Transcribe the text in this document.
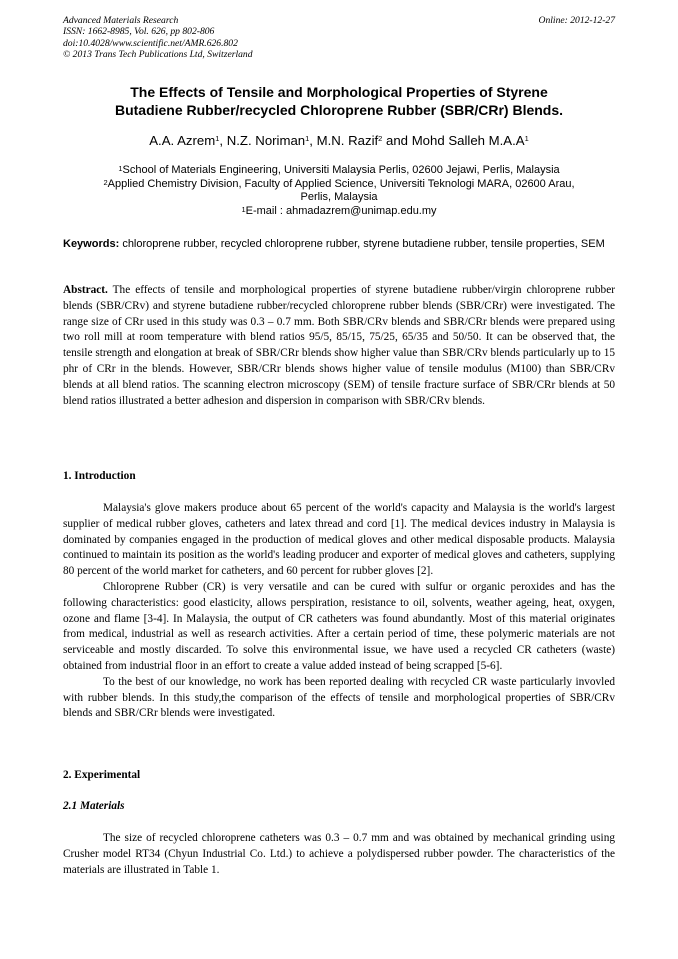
Advanced Materials Research
ISSN: 1662-8985, Vol. 626, pp 802-806
doi:10.4028/www.scientific.net/AMR.626.802
© 2013 Trans Tech Publications Ltd, Switzerland
Online: 2012-12-27
The Effects of Tensile and Morphological Properties of Styrene
Butadiene Rubber/recycled Chloroprene Rubber (SBR/CRr) Blends.
A.A. Azrem$^1$, N.Z. Noriman$^1$, M.N. Razif$^2$ and Mohd Salleh $M.A.A^1$
$^1$School of Materials Engineering, Universiti Malaysia Perlis, 02600 Jejawi, Perlis, Malaysia
$^2$Applied Chemistry Division, Faculty of Applied Science, Universiti Teknologi MARA, 02600 Arau,
Perlis, Malaysia
$^1$E-mail : ahmadazrem@unimap.edu.my
Keywords: chloroprene rubber, recycled chloroprene rubber, styrene butadiene rubber, tensile properties, SEM
Abstract. The effects of tensile and morphological properties of styrene butadiene rubber/virgin chloroprene rubber blends (SBR/CRv) and styrene butadiene rubber/recycled chloroprene rubber blends (SBR/CRr) were investigated. The range size of CRr used in this study was 0.3 – 0.7 mm. Both SBR/CRv blends and SBR/CRr blends were prepared using two roll mill at room temperature with blend ratios 95/5, 85/15, 75/25, 65/35 and 50/50. It can be observed that, the tensile strength and elongation at break of SBR/CRr blends show higher value than SBR/CRv blends particularly up to 15 phr of CRr in the blends. However, SBR/CRr blends shows higher value of tensile modulus (M100) than SBR/CRv blends at all blend ratios. The scanning electron microscopy (SEM) of tensile fracture surface of SBR/CRr blends at 50 blend ratios illustrated a better adhesion and dispersion in comparison with SBR/CRv blends.
1. Introduction

Malaysia's glove makers produce about 65 percent of the world's capacity and Malaysia is the world's largest supplier of medical rubber gloves, catheters and latex thread and cord [1]. The medical devices industry in Malaysia is dominated by companies engaged in the production of medical gloves and other medical disposable products. Malaysia continued to maintain its position as the world's leading producer and exporter of medical gloves and catheters, supplying 80 percent of the world market for catheters, and 60 percent for rubber gloves [2].

Chloroprene Rubber (CR) is very versatile and can be cured with sulfur or organic peroxides and has the following characteristics: good elasticity, allows perspiration, resistance to oil, solvents, weather ageing, heat, oxygen, ozone and flame [3-4]. In Malaysia, the output of CR catheters was found abundantly. Most of this material originates from medical, industrial as well as research activities. After a certain period of time, these polymeric materials are not serviceable and mostly discarded. To solve this environmental issue, we have used a recycled CR catheters (waste) obtained from industrial floor in an effort to create a value added instead of being scrapped [5-6].

To the best of our knowledge, no work has been reported dealing with recycled CR waste particularly invovled with rubber blends. In this study,the comparison of the effects of tensile and morphological properties of SBR/CRv blends and SBR/CRr blends were investigated.

2. Experimental
2.1 Materials

The size of recycled chloroprene catheters was 0.3 – 0.7 mm and was obtained by mechanical grinding using Crusher model RT34 (Chyun Industrial Co. Ltd.) to achieve a polydispersed rubber powder. The characteristics of the materials are illustrated in Table 1.
